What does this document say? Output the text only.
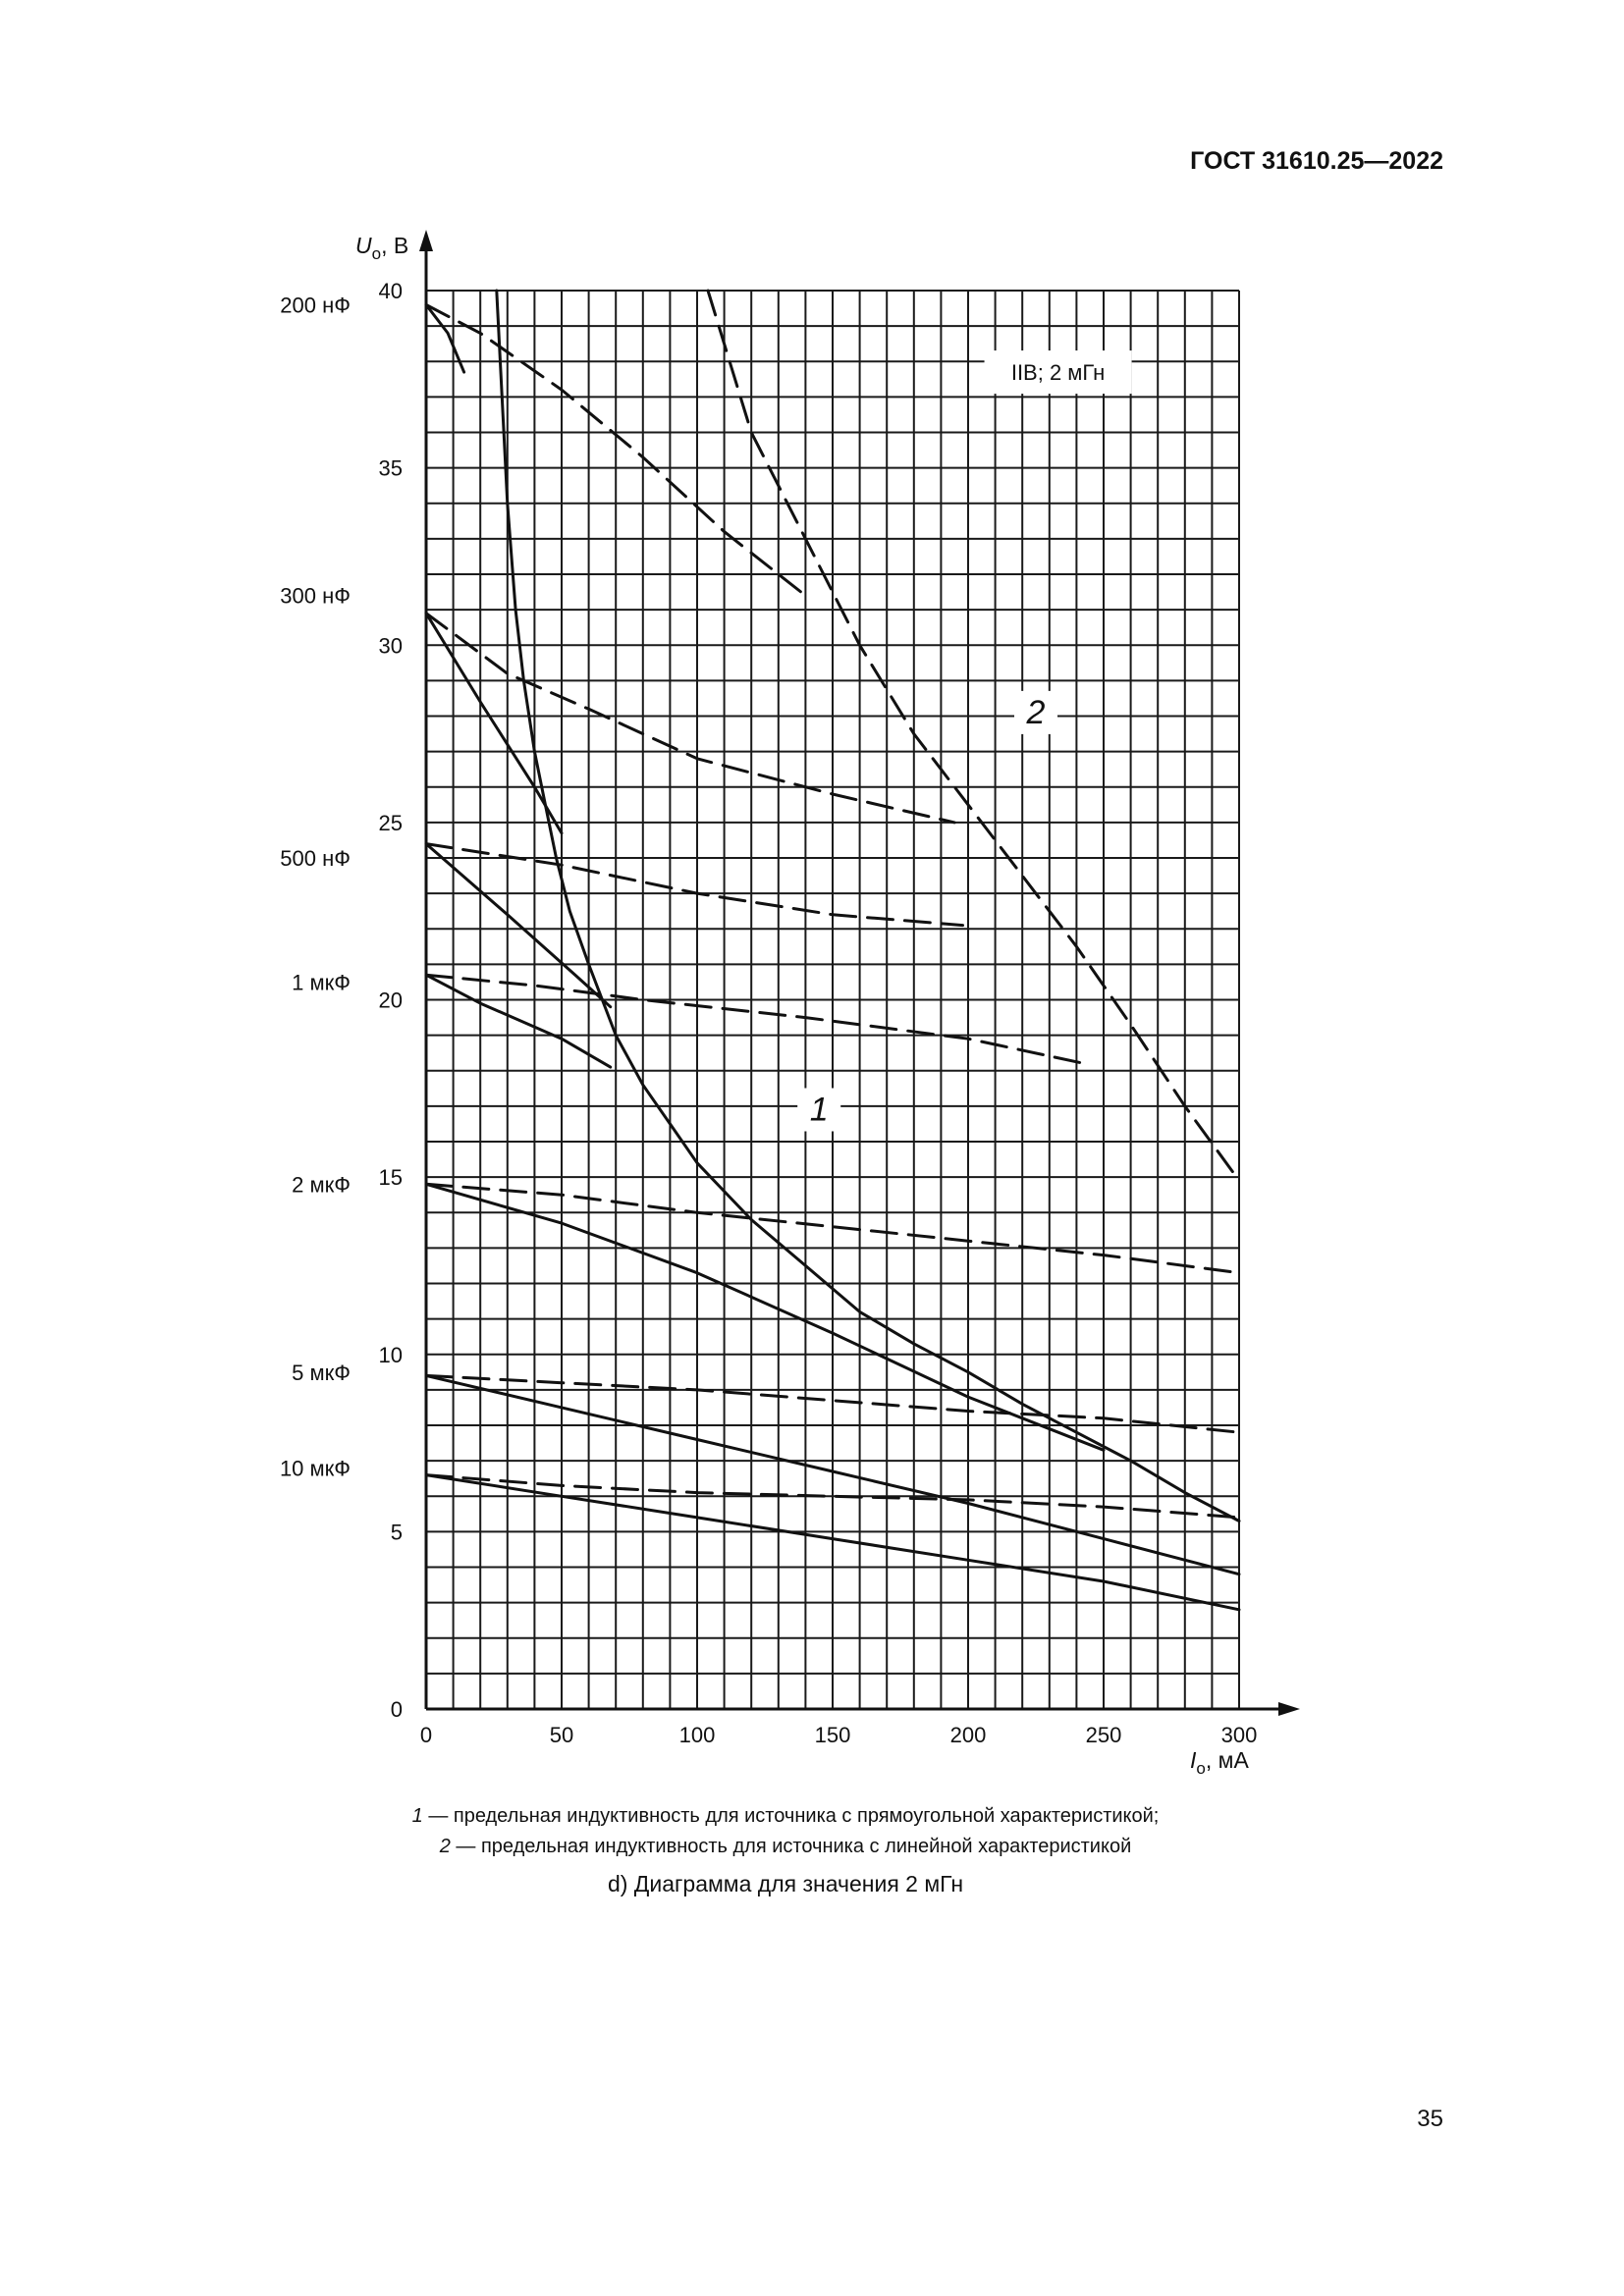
ГОСТ 31610.25—2022
0
5
10
15
20
25
30
35
40
0	50	100	150	200	250	300
$U_o$, В
$I_o$, мА
200 нФ
300 нФ
500 нФ
1 мкФ
2 мкФ
5 мкФ
10 мкФ
IIB; 2 мГн
1
2
1 — предельная индуктивность для источника с прямоугольной характеристикой;
2 — предельная индуктивность для источника с линейной характеристикой
d) Диаграмма для значения 2 мГн
35
